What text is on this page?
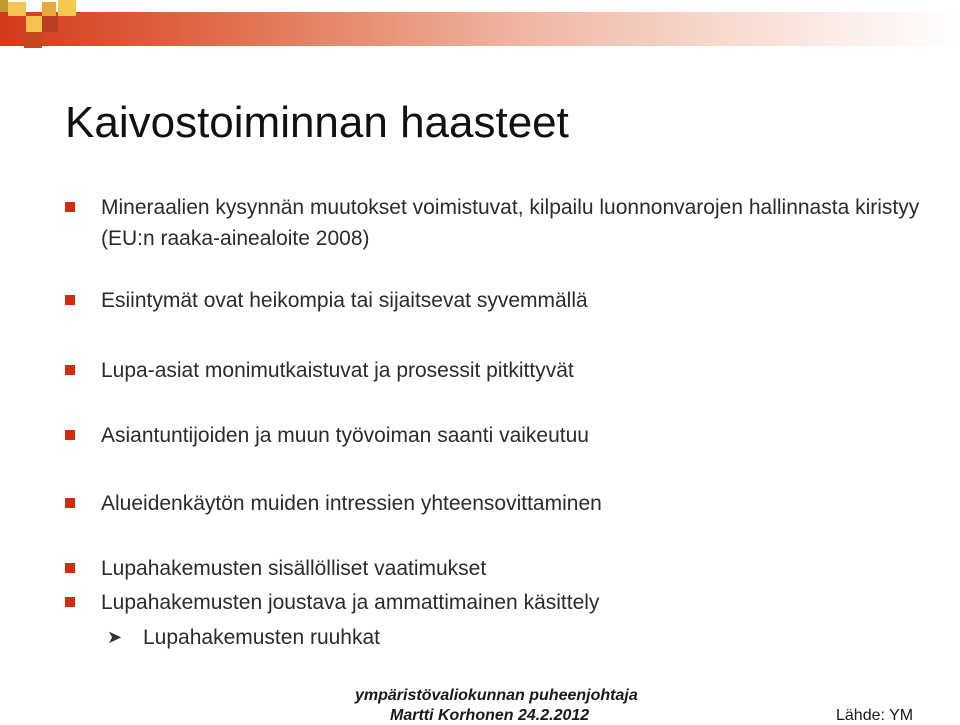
Kaivostoiminnan haasteet
Mineraalien kysynnän muutokset voimistuvat, kilpailu luonnonvarojen hallinnasta kiristyy (EU:n raaka-ainealoite 2008)
Esiintymät ovat heikompia tai sijaitsevat syvemmällä
Lupa-asiat monimutkaistuvat ja prosessit pitkittyvät
Asiantuntijoiden ja muun työvoiman saanti vaikeutuu
Alueidenkäytön muiden intressien yhteensovittaminen
Lupahakemusten sisällölliset vaatimukset
Lupahakemusten joustava ja ammattimainen käsittely
➤ Lupahakemusten ruuhkat
ympäristövaliokunnan puheenjohtaja
Martti Korhonen 24.2.2012	Lähde: YM
